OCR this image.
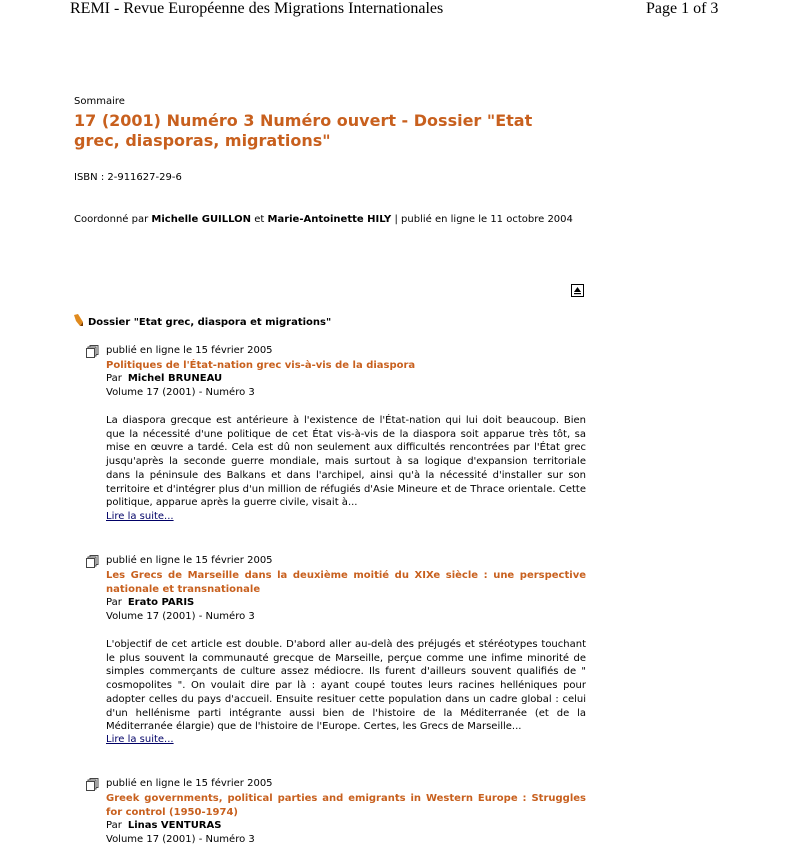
REMI - Revue Européenne des Migrations Internationales	Page 1 of 3
Sommaire
17 (2001) Numéro 3 Numéro ouvert - Dossier "Etat grec, diasporas, migrations"
ISBN : 2-911627-29-6
Coordonné par Michelle GUILLON et Marie-Antoinette HILY | publié en ligne le 11 octobre 2004
Dossier "Etat grec, diaspora et migrations"
publié en ligne le 15 février 2005
Politiques de l'État-nation grec vis-à-vis de la diaspora
Par Michel BRUNEAU
Volume 17 (2001) - Numéro 3
La diaspora grecque est antérieure à l'existence de l'État-nation qui lui doit beaucoup. Bien que la nécessité d'une politique de cet État vis-à-vis de la diaspora soit apparue très tôt, sa mise en œuvre a tardé. Cela est dû non seulement aux difficultés rencontrées par l'État grec jusqu'après la seconde guerre mondiale, mais surtout à sa logique d'expansion territoriale dans la péninsule des Balkans et dans l'archipel, ainsi qu'à la nécessité d'installer sur son territoire et d'intégrer plus d'un million de réfugiés d'Asie Mineure et de Thrace orientale. Cette politique, apparue après la guerre civile, visait à...
Lire la suite...
publié en ligne le 15 février 2005
Les Grecs de Marseille dans la deuxième moitié du XIXe siècle : une perspective nationale et transnationale
Par Erato PARIS
Volume 17 (2001) - Numéro 3
L'objectif de cet article est double. D'abord aller au-delà des préjugés et stéréotypes touchant le plus souvent la communauté grecque de Marseille, perçue comme une infime minorité de simples commerçants de culture assez médiocre. Ils furent d'ailleurs souvent qualifiés de " cosmopolites ". On voulait dire par là : ayant coupé toutes leurs racines helléniques pour adopter celles du pays d'accueil. Ensuite resituer cette population dans un cadre global : celui d'un hellénisme parti intégrante aussi bien de l'histoire de la Méditerranée (et de la Méditerranée élargie) que de l'histoire de l'Europe. Certes, les Grecs de Marseille...
Lire la suite...
publié en ligne le 15 février 2005
Greek governments, political parties and emigrants in Western Europe : Struggles for control (1950-1974)
Par Linas VENTURAS
Volume 17 (2001) - Numéro 3
